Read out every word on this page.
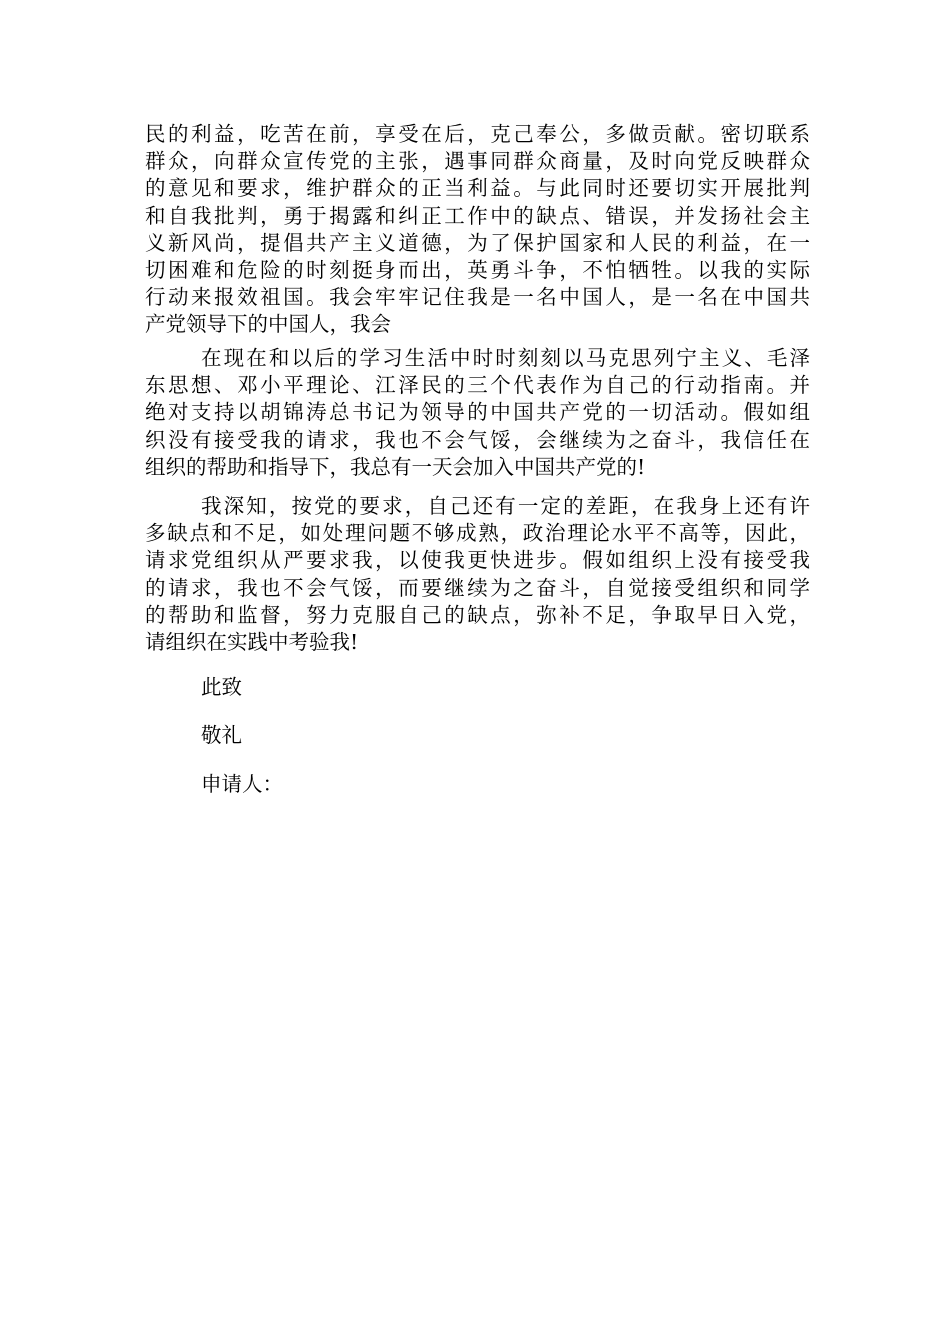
民的利益，吃苦在前，享受在后，克己奉公，多做贡献。密切联系
群众，向群众宣传党的主张，遇事同群众商量，及时向党反映群众
的意见和要求，维护群众的正当利益。与此同时还要切实开展批判
和自我批判，勇于揭露和纠正工作中的缺点、错误，并发扬社会主
义新风尚，提倡共产主义道德，为了保护国家和人民的利益，在一
切困难和危险的时刻挺身而出，英勇斗争，不怕牺牲。以我的实际
行动来报效祖国。我会牢牢记住我是一名中国人，是一名在中国共
产党领导下的中国人，我会
在现在和以后的学习生活中时时刻刻以马克思列宁主义、毛泽
东思想、邓小平理论、江泽民的三个代表作为自己的行动指南。并
绝对支持以胡锦涛总书记为领导的中国共产党的一切活动。假如组
织没有接受我的请求，我也不会气馁，会继续为之奋斗，我信任在
组织的帮助和指导下，我总有一天会加入中国共产党的!
我深知，按党的要求，自己还有一定的差距，在我身上还有许
多缺点和不足，如处理问题不够成熟，政治理论水平不高等，因此，
请求党组织从严要求我，以使我更快进步。假如组织上没有接受我
的请求，我也不会气馁，而要继续为之奋斗，自觉接受组织和同学
的帮助和监督，努力克服自己的缺点，弥补不足，争取早日入党，
请组织在实践中考验我!
此致
敬礼
申请人：
